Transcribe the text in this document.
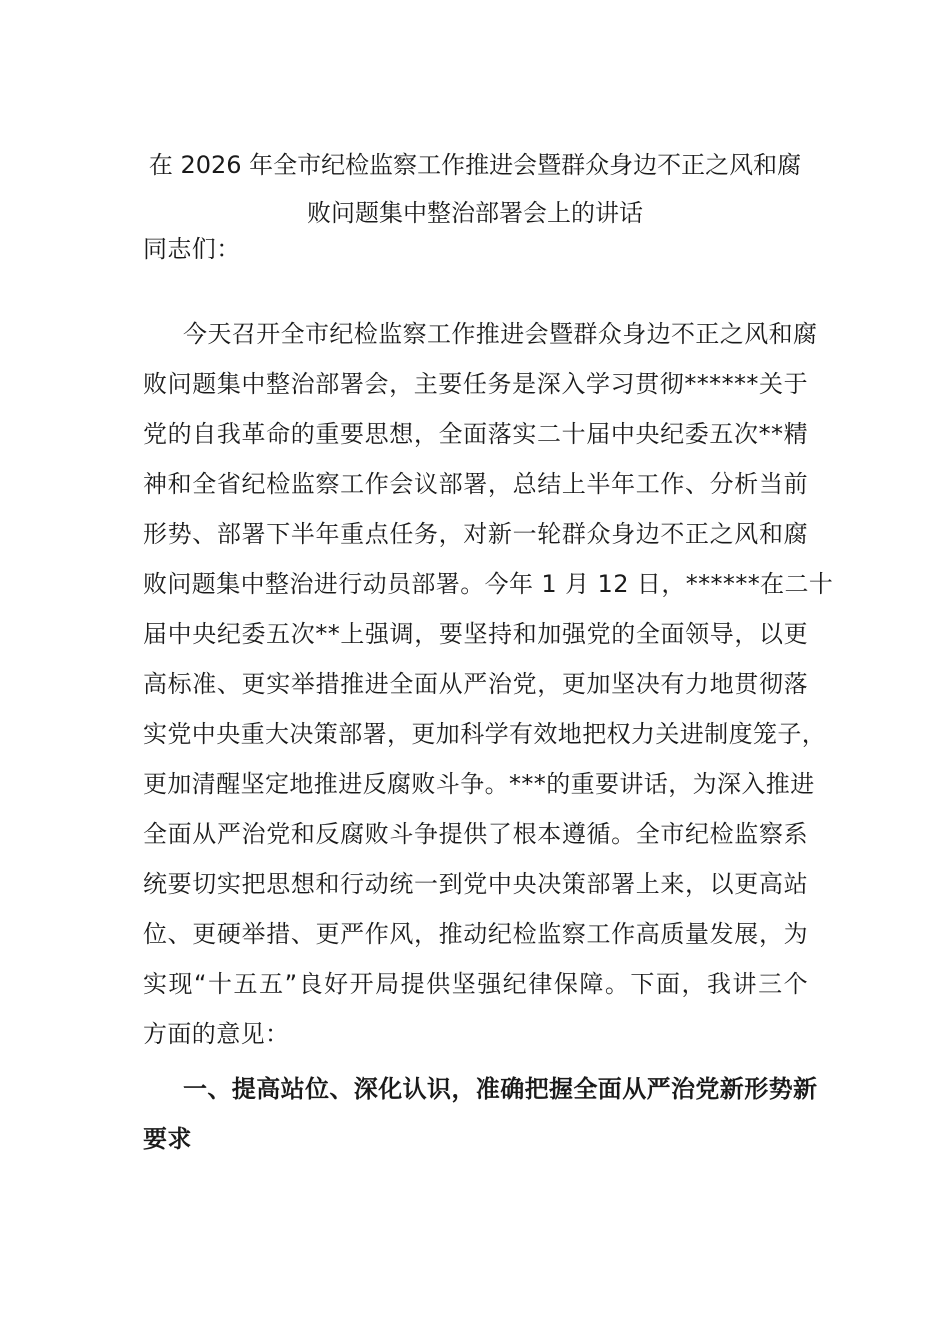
在 2026 年全市纪检监察工作推进会暨群众身边不正之风和腐
败问题集中整治部署会上的讲话
同志们：
今天召开全市纪检监察工作推进会暨群众身边不正之风和腐
败问题集中整治部署会，主要任务是深入学习贯彻******关于
党的自我革命的重要思想，全面落实二十届中央纪委五次**精
神和全省纪检监察工作会议部署，总结上半年工作、分析当前
形势、部署下半年重点任务，对新一轮群众身边不正之风和腐
败问题集中整治进行动员部署。今年 1 月 12 日，******在二十
届中央纪委五次**上强调，要坚持和加强党的全面领导，以更
高标准、更实举措推进全面从严治党，更加坚决有力地贯彻落
实党中央重大决策部署，更加科学有效地把权力关进制度笼子，
更加清醒坚定地推进反腐败斗争。***的重要讲话，为深入推进
全面从严治党和反腐败斗争提供了根本遵循。全市纪检监察系
统要切实把思想和行动统一到党中央决策部署上来，以更高站
位、更硬举措、更严作风，推动纪检监察工作高质量发展，为
实现“十五五”良好开局提供坚强纪律保障。下面，我讲三个
方面的意见：
一、提高站位、深化认识，准确把握全面从严治党新形势新
要求
